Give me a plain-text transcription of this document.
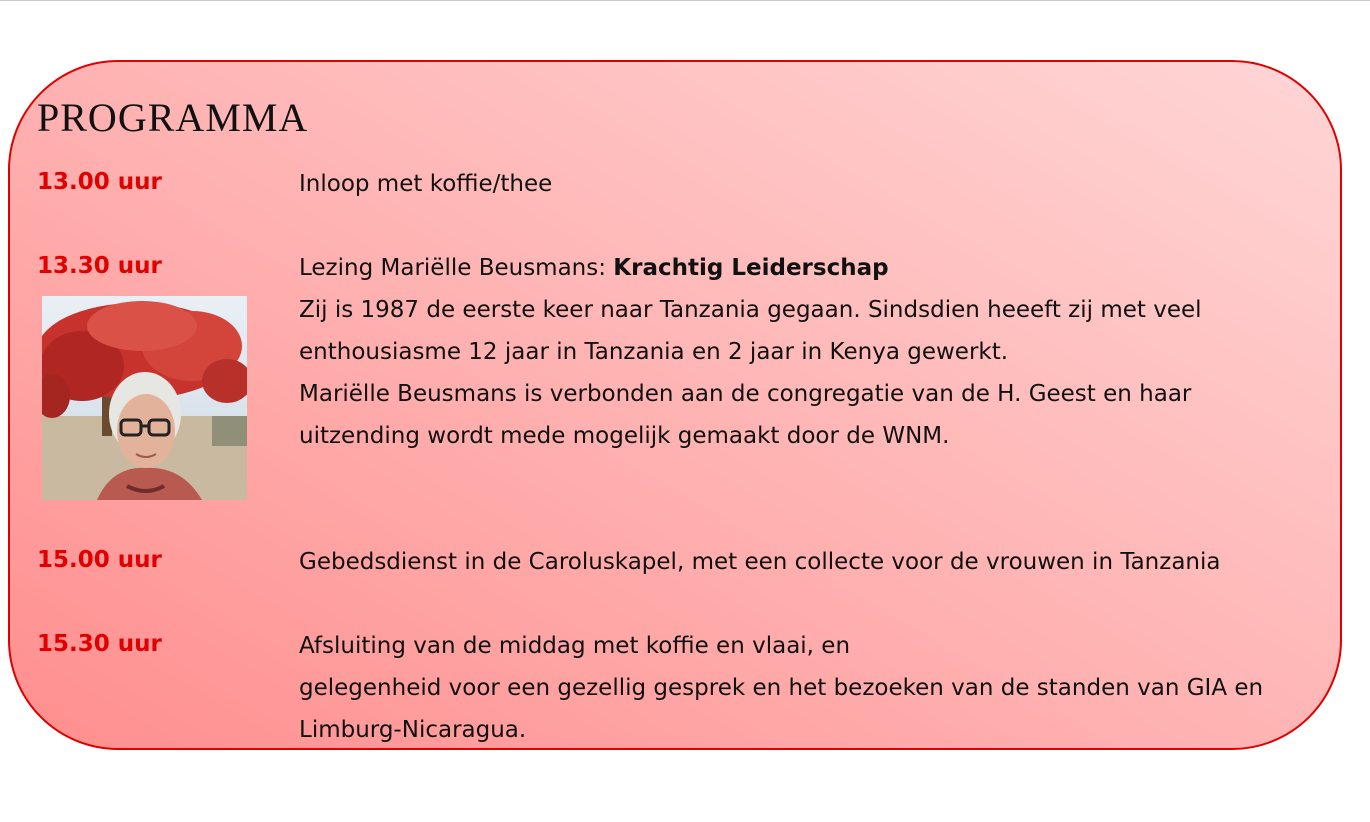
PROGRAMMA
13.00 uur	Inloop met koffie/thee
13.30 uur	Lezing Mariëlle Beusmans: Krachtig Leiderschap
Zij is 1987 de eerste keer naar Tanzania gegaan. Sindsdien heeeft zij met veel
enthousiasme 12 jaar in Tanzania en 2 jaar in Kenya gewerkt.
Mariëlle Beusmans is verbonden aan de congregatie van de H. Geest en haar
uitzending wordt mede mogelijk gemaakt door de WNM.
15.00 uur	Gebedsdienst in de Caroluskapel, met een collecte voor de vrouwen in Tanzania
15.30 uur	Afsluiting van de middag met koffie en vlaai, en
gelegenheid voor een gezellig gesprek en het bezoeken van de standen van GIA en
Limburg-Nicaragua.
